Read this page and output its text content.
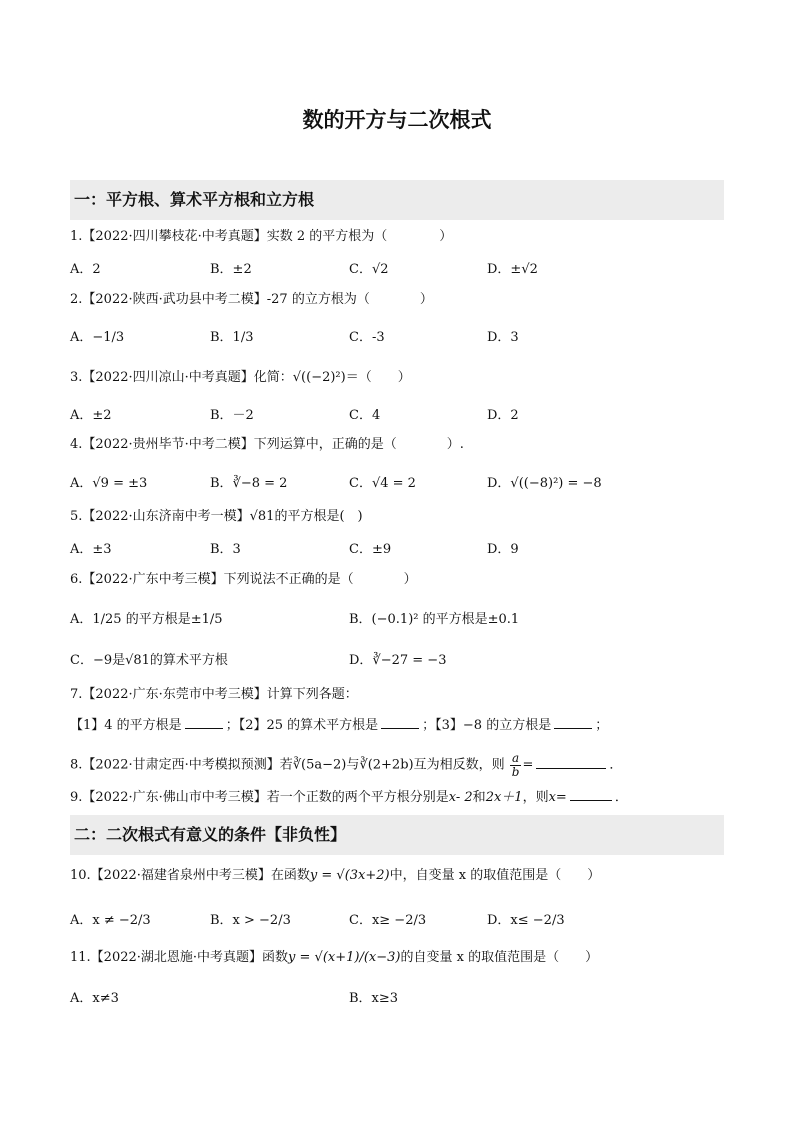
数的开方与二次根式
一：平方根、算术平方根和立方根
1.【2022·四川攀枝花·中考真题】实数 2 的平方根为（	）
A．2	B．±2	C．√2	D．±√2
2.【2022·陕西·武功县中考二模】-27 的立方根为（	）
A．−1/3	B．1/3	C．-3	D．3
3.【2022·四川凉山·中考真题】化简：√((−2)²)＝（　　）
A．±2	B．－2	C．4	D．2
4.【2022·贵州毕节·中考二模】下列运算中，正确的是（	）.
A．√9 = ±3	B．∛−8 = 2	C．√4 = 2	D．√((−8)²) = −8
5.【2022·山东济南中考一模】√81的平方根是(　)
A．±3	B．3	C．±9	D．9
6.【2022·广东中考三模】下列说法不正确的是（	）
A．1/25 的平方根是±1/5	B．(−0.1)² 的平方根是±0.1
C．−9是√81的算术平方根	D．∛−27 = −3
7.【2022·广东·东莞市中考三模】计算下列各题：
【1】4 的平方根是	；【2】25 的算术平方根是	；【3】−8 的立方根是	；
8.【2022·甘肃定西·中考模拟预测】若∛(5a−2)与∛(2+2b)互为相反数，则 $\frac{a}{b}$ =	．
9.【2022·广东·佛山市中考三模】若一个正数的两个平方根分别是x- 2和2x＋1，则x=	．
二：二次根式有意义的条件【非负性】
10.【2022·福建省泉州中考三模】在函数y = √(3x+2)中，自变量 x 的取值范围是（　　）
A．x ≠ −2/3	B．x > −2/3	C．x≥ −2/3	D．x≤ −2/3
11.【2022·湖北恩施·中考真题】函数y = √(x+1)/(x−3)的自变量 x 的取值范围是（　　）
A．x≠3	B．x≥3
